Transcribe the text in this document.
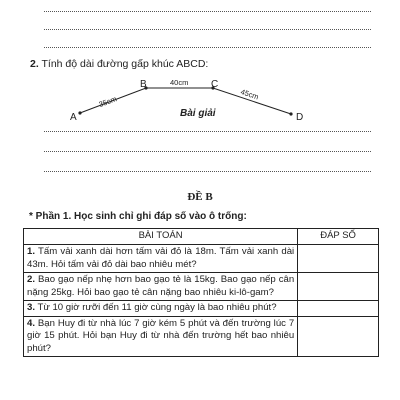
2. Tính độ dài đường gấp khúc ABCD:
A
B	C
D
35cm
40cm
45cm
Bài giải
ĐỀ B
* Phần 1. Học sinh chỉ ghi đáp số vào ô trống:
BÀI TOÁN	ĐÁP SỐ
1. Tấm vải xanh dài hơn tấm vải đỏ là 18m. Tấm vải xanh dài 43m. Hỏi tấm vải đỏ dài bao nhiêu mét?	
2. Bao gạo nếp nhẹ hơn bao gạo tẻ là 15kg. Bao gạo nếp cân nặng 25kg. Hỏi bao gạo tẻ cân nặng bao nhiêu ki-lô-gam?	
3. Từ 10 giờ rưỡi đến 11 giờ cùng ngày là bao nhiêu phút?	
4. Bạn Huy đi từ nhà lúc 7 giờ kém 5 phút và đến trường lúc 7 giờ 15 phút. Hỏi bạn Huy đi từ nhà đến trường hết bao nhiêu phút?	
